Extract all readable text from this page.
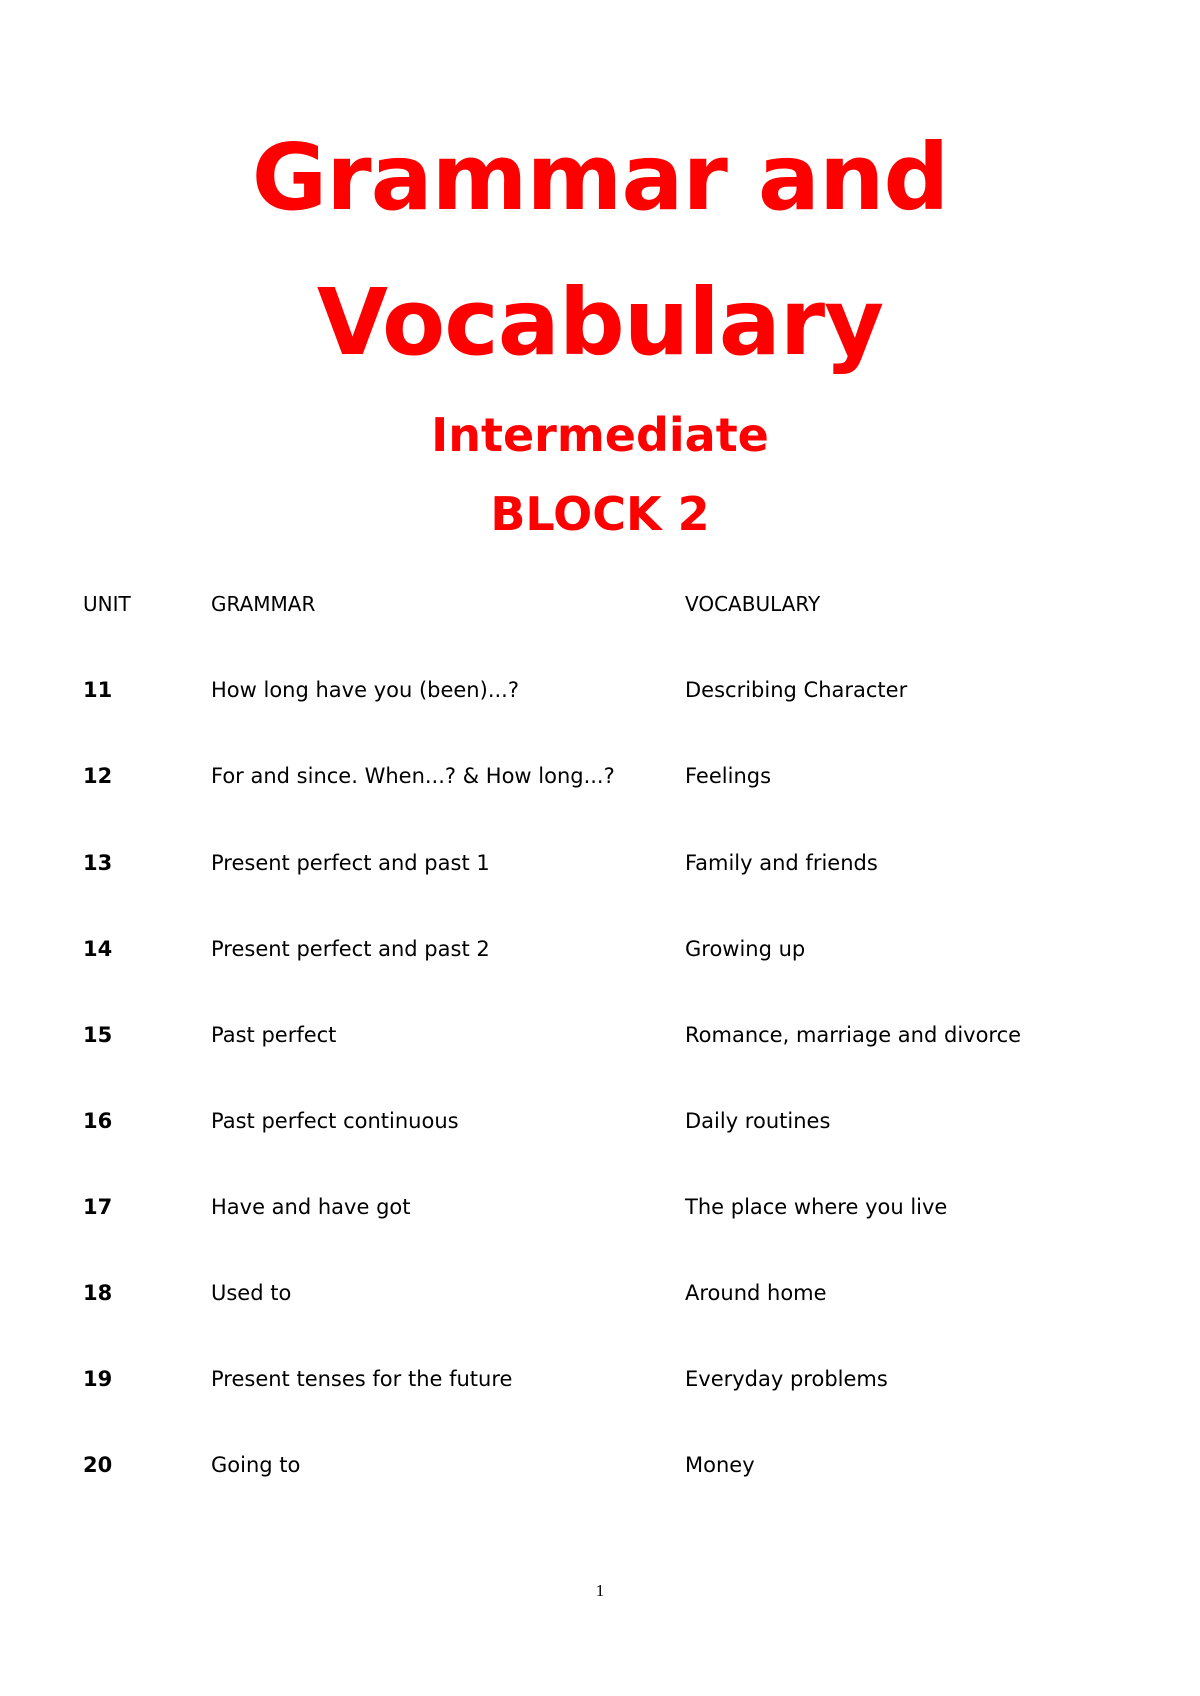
Grammar and
Vocabulary
Intermediate
BLOCK 2
UNIT	GRAMMAR	VOCABULARY
11	How long have you (been)...?	Describing Character
12	For and since. When...? & How long...?	Feelings
13	Present perfect and past 1	Family and friends
14	Present perfect and past 2	Growing up
15	Past perfect	Romance, marriage and divorce
16	Past perfect continuous	Daily routines
17	Have and have got	The place where you live
18	Used to	Around home
19	Present tenses for the future	Everyday problems
20	Going to	Money
1
